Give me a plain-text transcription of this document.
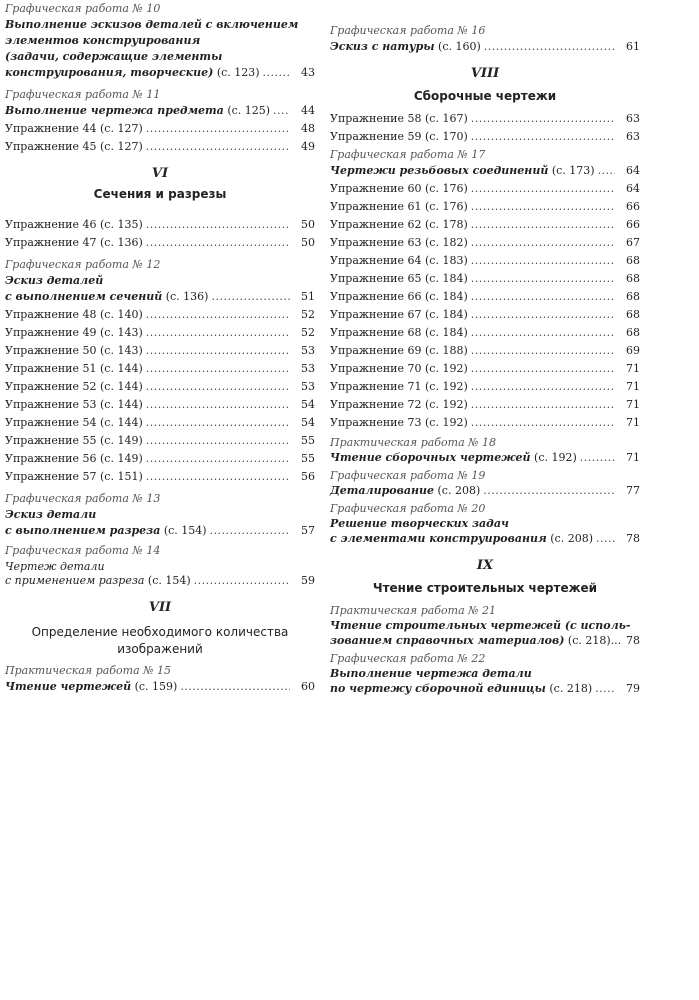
Графическая работа № 10
Выполнение эскизов деталей с включением
элементов конструирования
(задачи, содержащие элементы
конструирования, творческие) (с. 123) .....	43
Графическая работа № 11
Выполнение чертежа предмета (с. 125) .....	44
Упражнение 44 (с. 127) .....	48
Упражнение 45 (с. 127) .....	49
VI
Сечения и разрезы
Упражнение 46 (с. 135) .....	50
Упражнение 47 (с. 136) .....	50
Графическая работа № 12
Эскиз деталей
с выполнением сечений (с. 136) .....	51
Упражнение 48 (с. 140) .....	52
Упражнение 49 (с. 143) .....	52
Упражнение 50 (с. 143) .....	53
Упражнение 51 (с. 144) .....	53
Упражнение 52 (с. 144) .....	53
Упражнение 53 (с. 144) .....	54
Упражнение 54 (с. 144) .....	54
Упражнение 55 (с. 149) .....	55
Упражнение 56 (с. 149) .....	55
Упражнение 57 (с. 151) .....	56
Графическая работа № 13
Эскиз детали
с выполнением разреза (с. 154) .....	57
Графическая работа № 14
Чертеж детали
с применением разреза (с. 154) .....	59
VII
Определение необходимого количества
изображений
Практическая работа № 15
Чтение чертежей (с. 159) .....	60
Графическая работа № 16
Эскиз с натуры (с. 160) .....	61
VIII
Сборочные чертежи
Упражнение 58 (с. 167) .....	63
Упражнение 59 (с. 170) .....	63
Графическая работа № 17
Чертежи резьбовых соединений (с. 173) .....	64
Упражнение 60 (с. 176) .....	64
Упражнение 61 (с. 176) .....	66
Упражнение 62 (с. 178) .....	66
Упражнение 63 (с. 182) .....	67
Упражнение 64 (с. 183) .....	68
Упражнение 65 (с. 184) .....	68
Упражнение 66 (с. 184) .....	68
Упражнение 67 (с. 184) .....	68
Упражнение 68 (с. 184) .....	68
Упражнение 69 (с. 188) .....	69
Упражнение 70 (с. 192) .....	71
Упражнение 71 (с. 192) .....	71
Упражнение 72 (с. 192) .....	71
Упражнение 73 (с. 192) .....	71
Практическая работа № 18
Чтение сборочных чертежей (с. 192) .....	71
Графическая работа № 19
Деталирование (с. 208) .....	77
Графическая работа № 20
Решение творческих задач
с элементами конструирования (с. 208) .....	78
IX
Чтение строительных чертежей
Практическая работа № 21
Чтение строительных чертежей (с исполь-
зованием справочных материалов) (с. 218)... 78
Графическая работа № 22
Выполнение чертежа детали
по чертежу сборочной единицы (с. 218) .....	79
